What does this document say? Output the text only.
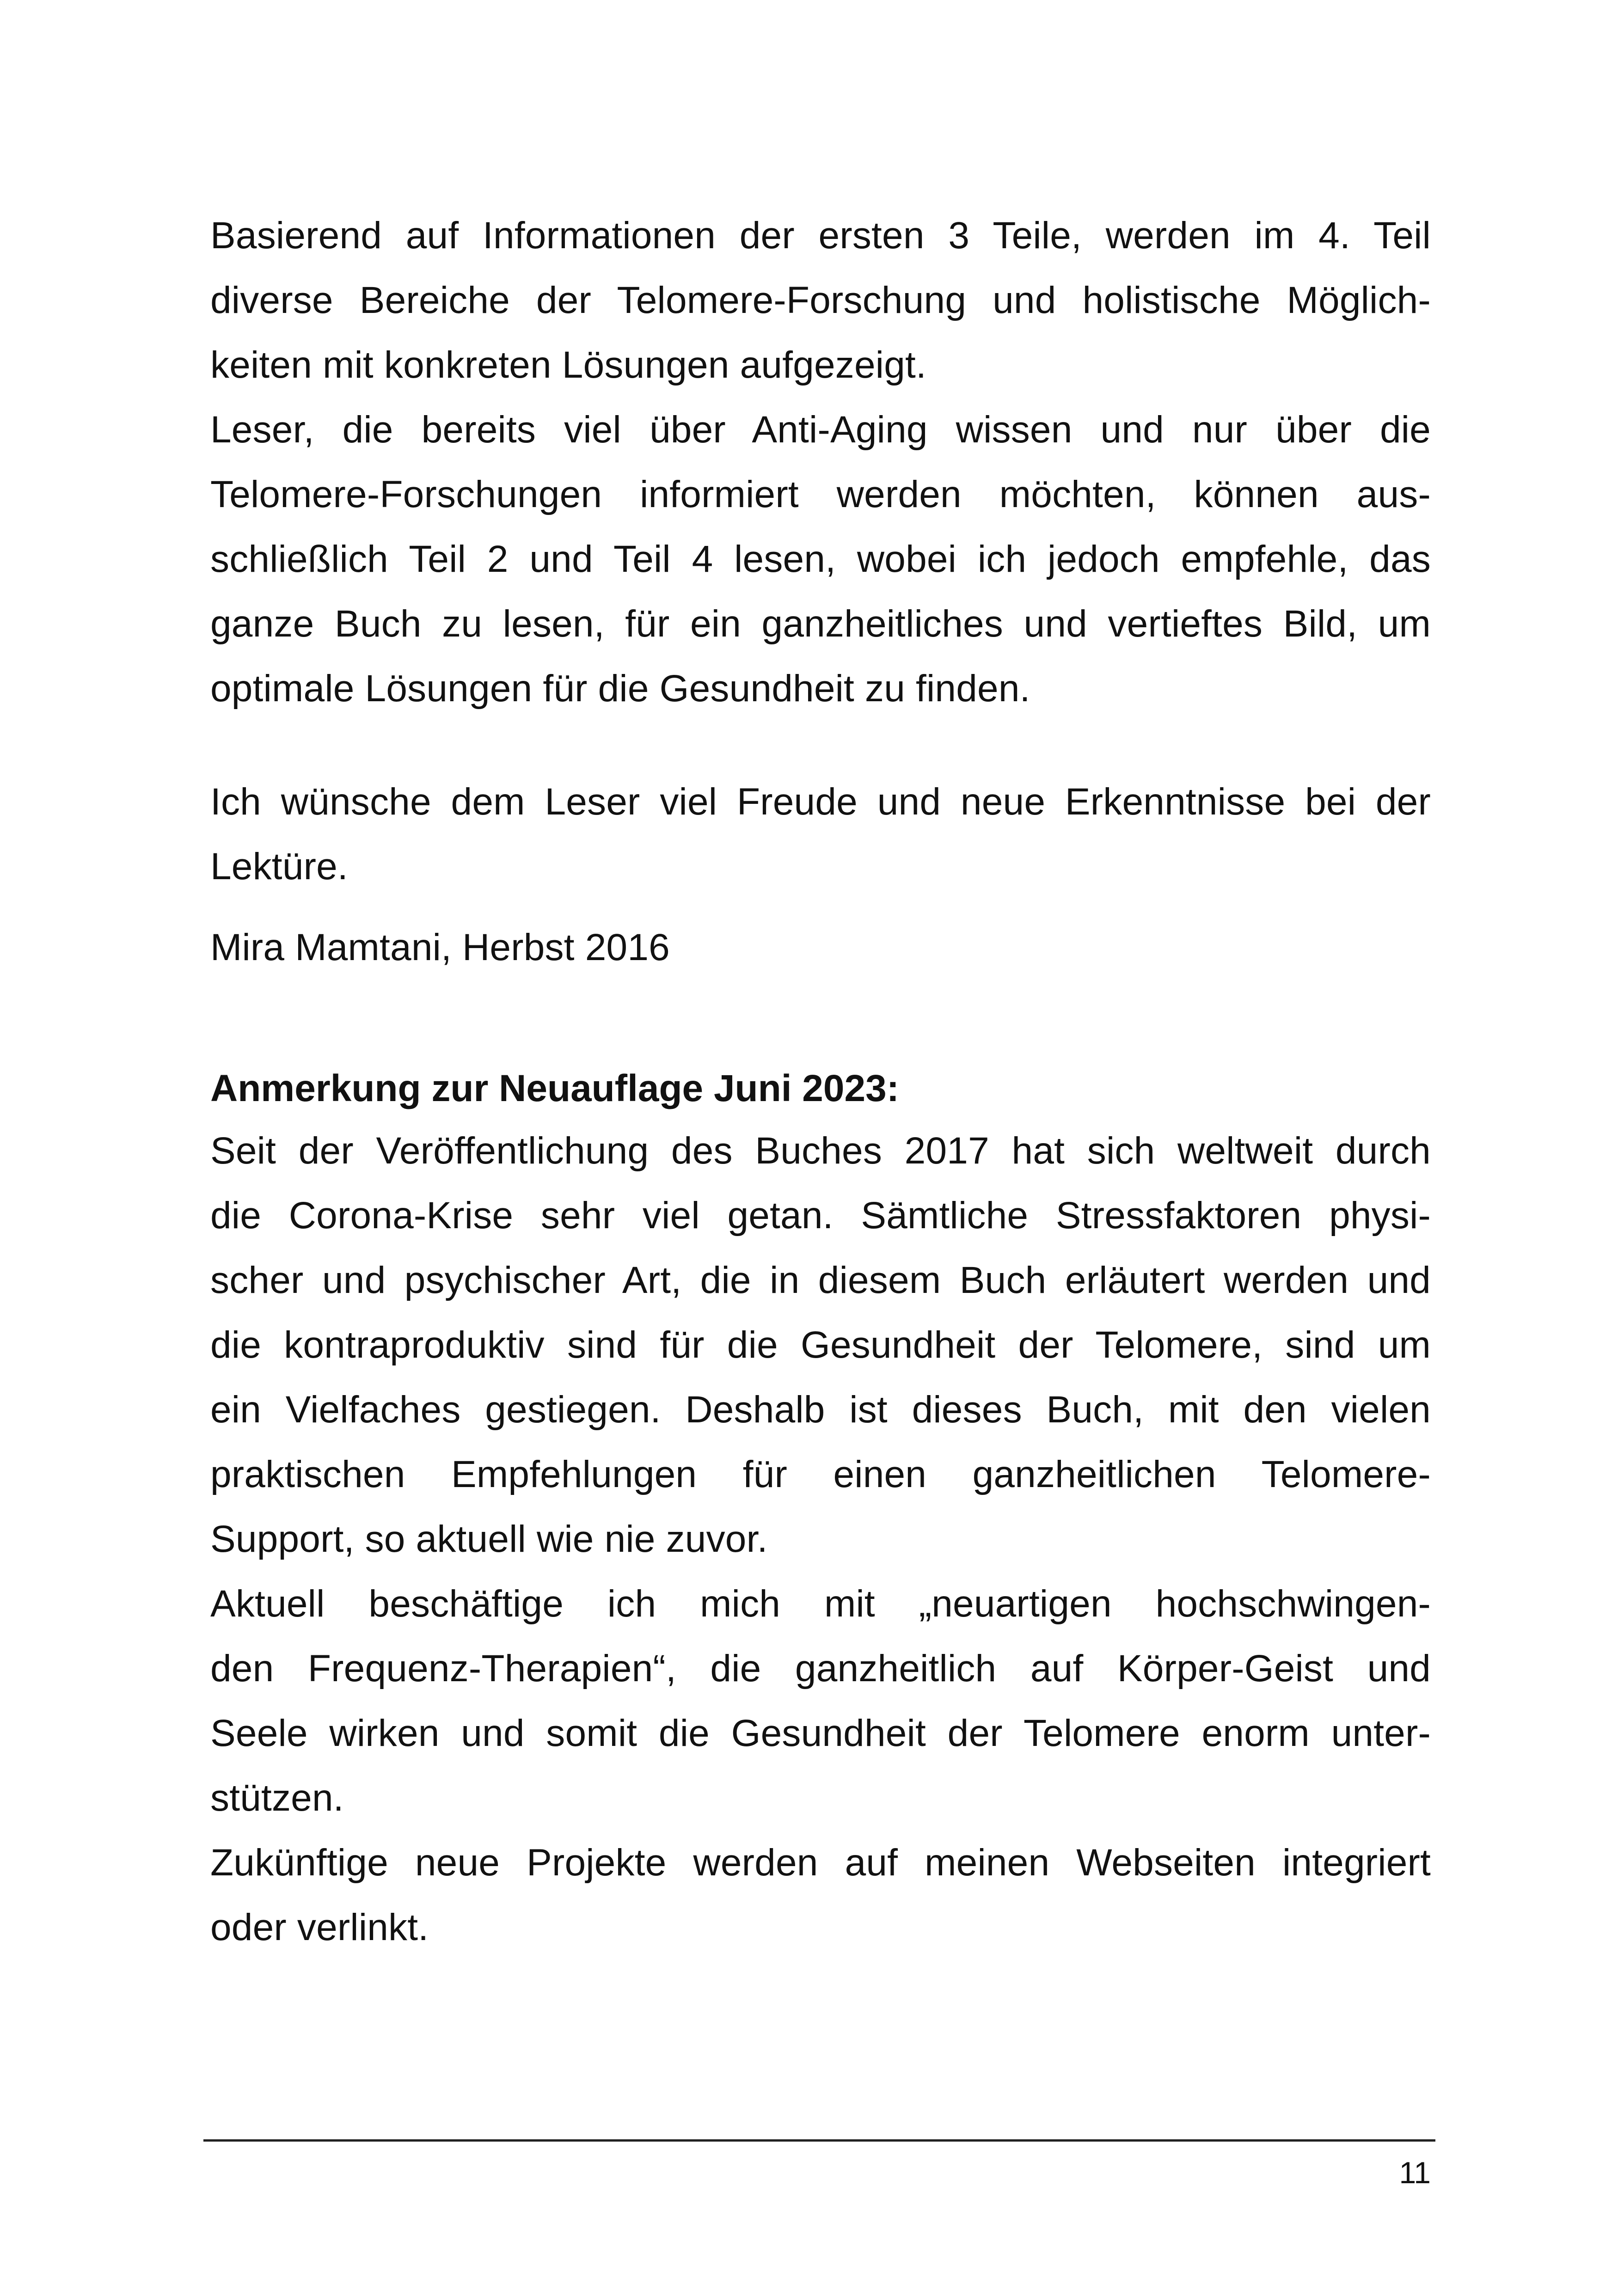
Basierend auf Informationen der ersten 3 Teile, werden im 4. Teil
diverse Bereiche der Telomere-Forschung und holistische Möglich-
keiten mit konkreten Lösungen aufgezeigt.
Leser, die bereits viel über Anti-Aging wissen und nur über die
Telomere-Forschungen informiert werden möchten, können aus-
schließlich Teil 2 und Teil 4 lesen, wobei ich jedoch empfehle, das
ganze Buch zu lesen, für ein ganzheitliches und vertieftes Bild, um
optimale Lösungen für die Gesundheit zu finden.
Ich wünsche dem Leser viel Freude und neue Erkenntnisse bei der
Lektüre.
Mira Mamtani, Herbst 2016
Anmerkung zur Neuauflage Juni 2023:
Seit der Veröffentlichung des Buches 2017 hat sich weltweit durch
die Corona-Krise sehr viel getan. Sämtliche Stressfaktoren physi-
scher und psychischer Art, die in diesem Buch erläutert werden und
die kontraproduktiv sind für die Gesundheit der Telomere, sind um
ein Vielfaches gestiegen. Deshalb ist dieses Buch, mit den vielen
praktischen Empfehlungen für einen ganzheitlichen Telomere-
Support, so aktuell wie nie zuvor.
Aktuell beschäftige ich mich mit „neuartigen hochschwingen-
den Frequenz-Therapien“, die ganzheitlich auf Körper-Geist und
Seele wirken und somit die Gesundheit der Telomere enorm unter-
stützen.
Zukünftige neue Projekte werden auf meinen Webseiten integriert
oder verlinkt.
11
